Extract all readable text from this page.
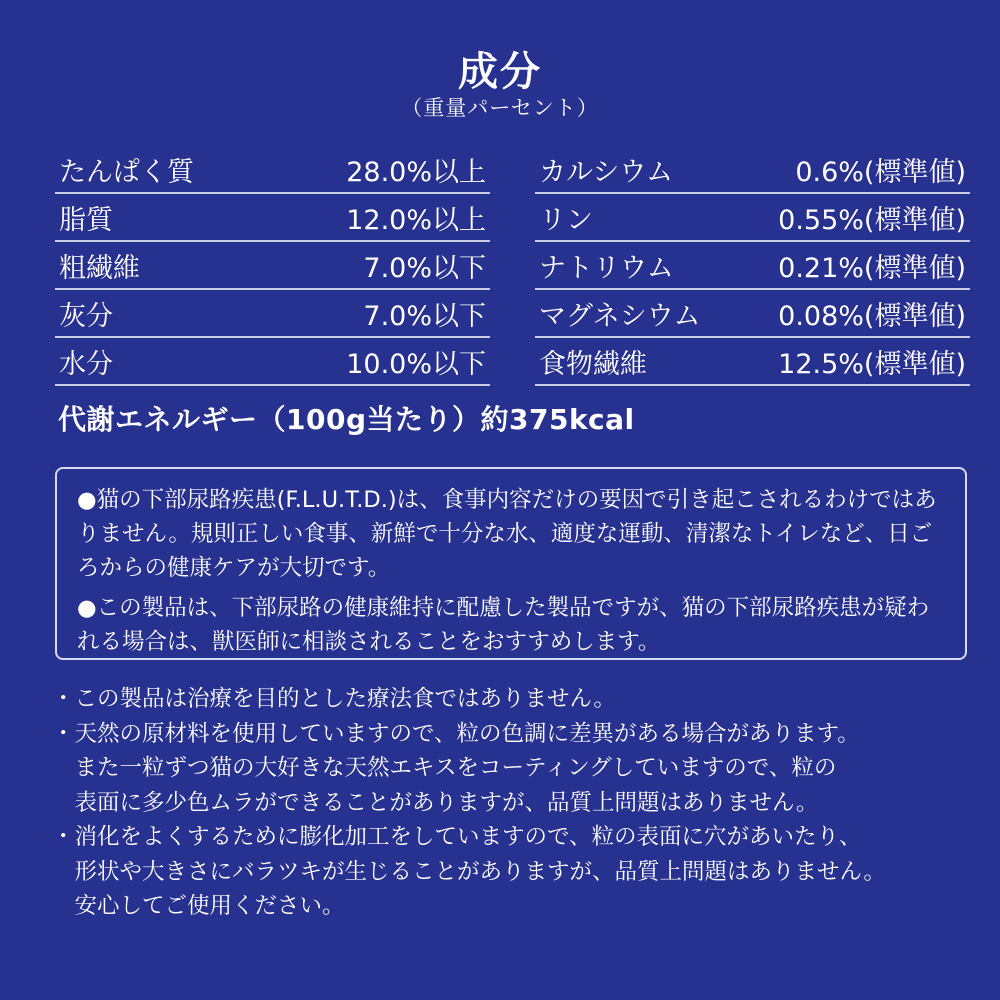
成分
（重量パーセント）
たんぱく質	28.0%以上
脂質	12.0%以上
粗繊維	7.0%以下
灰分	7.0%以下
水分	10.0%以下
カルシウム	0.6%(標準値)
リン	0.55%(標準値)
ナトリウム	0.21%(標準値)
マグネシウム	0.08%(標準値)
食物繊維	12.5%(標準値)
代謝エネルギー（100g当たり）約375kcal

●猫の下部尿路疾患(F.L.U.T.D.)は、食事内容だけの要因で引き起こされるわけではありません。規則正しい食事、新鮮で十分な水、適度な運動、清潔なトイレなど、日ごろからの健康ケアが大切です。

●この製品は、下部尿路の健康維持に配慮した製品ですが、猫の下部尿路疾患が疑われる場合は、獣医師に相談されることをおすすめします。

・この製品は治療を目的とした療法食ではありません。

・天然の原材料を使用していますので、粒の色調に差異がある場合があります。

　また一粒ずつ猫の大好きな天然エキスをコーティングしていますので、粒の

　表面に多少色ムラができることがありますが、品質上問題はありません。

・消化をよくするために膨化加工をしていますので、粒の表面に穴があいたり、

　形状や大きさにバラツキが生じることがありますが、品質上問題はありません。

　安心してご使用ください。
